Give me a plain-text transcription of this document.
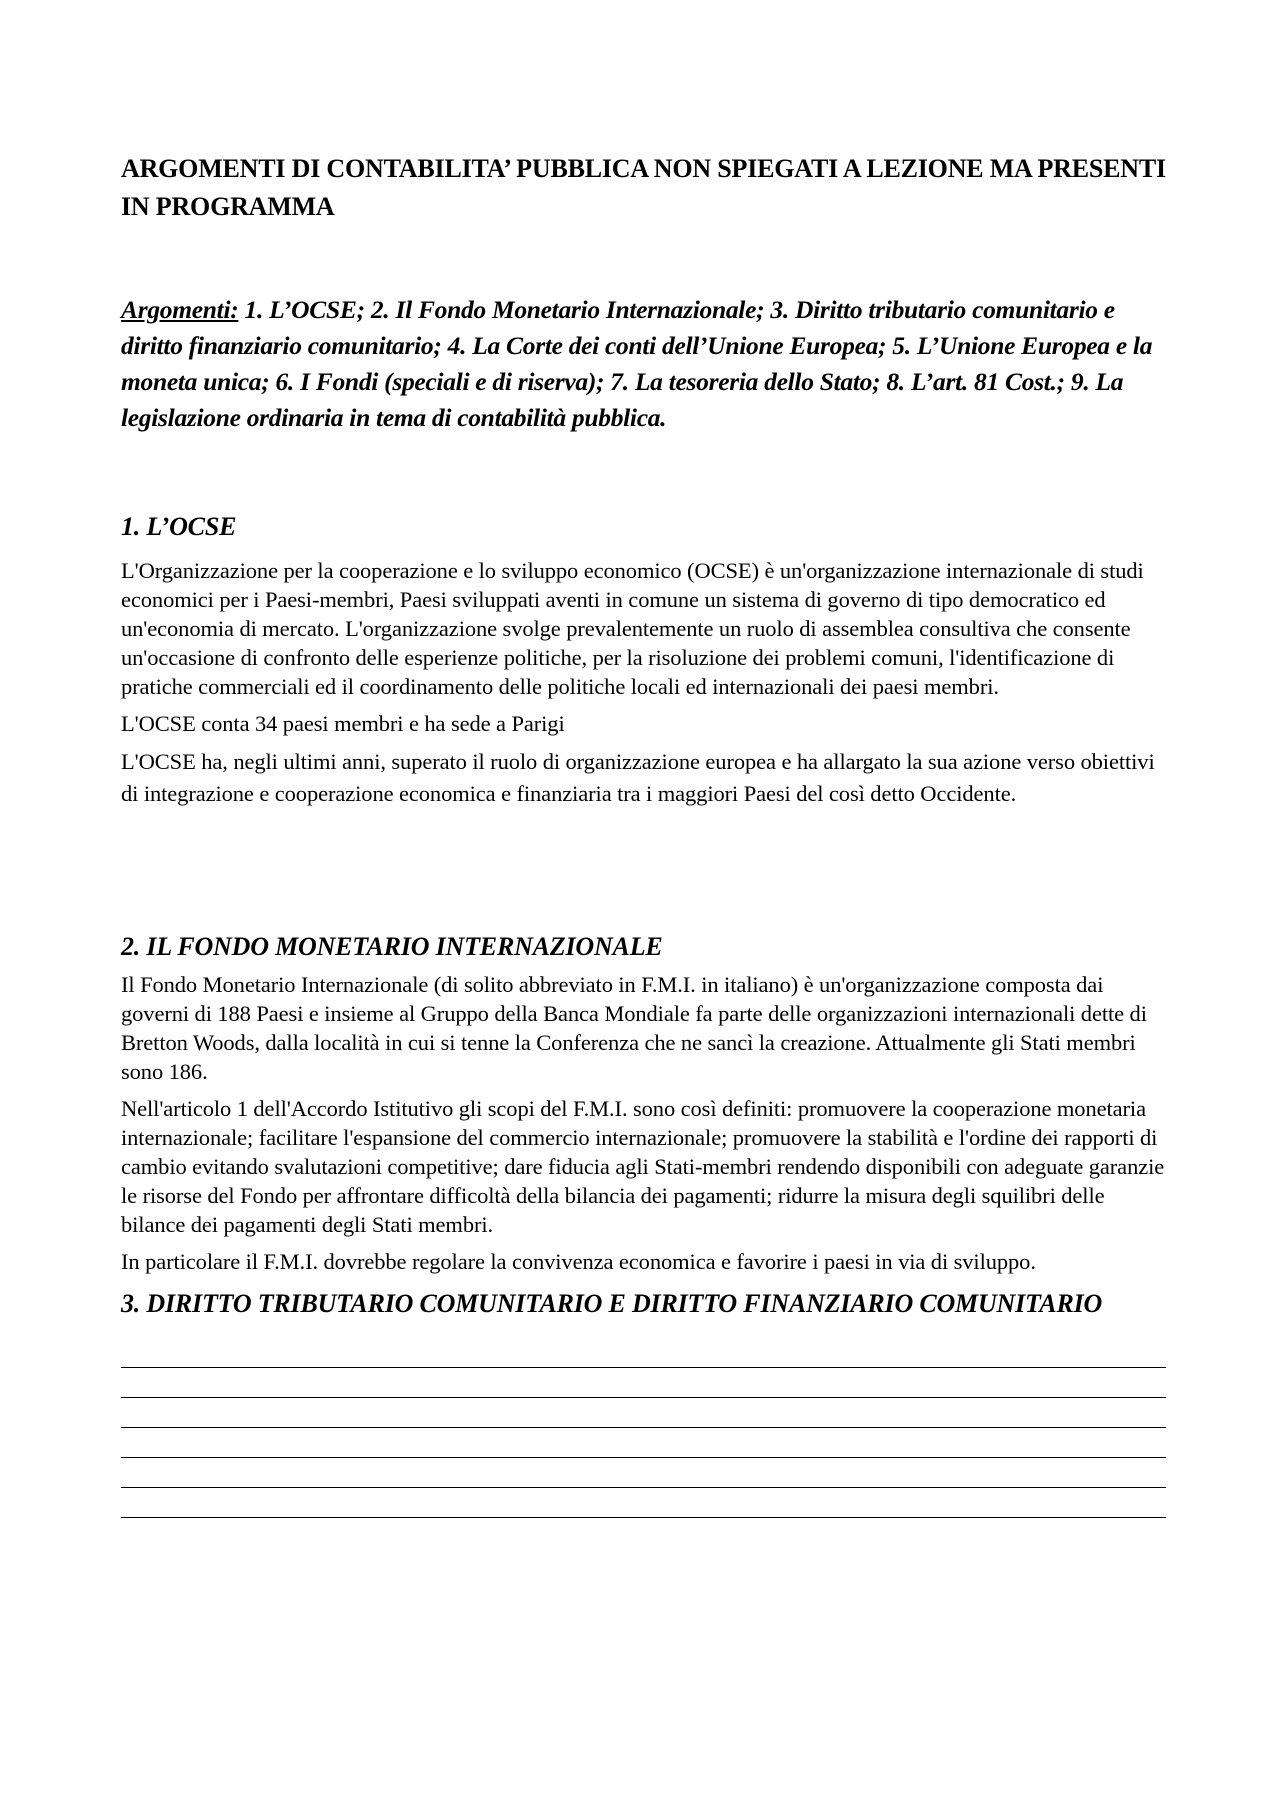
ARGOMENTI DI CONTABILITA’ PUBBLICA NON SPIEGATI A LEZIONE MA PRESENTI IN PROGRAMMA

Argomenti: 1. L’OCSE; 2. Il Fondo Monetario Internazionale; 3. Diritto tributario comunitario e diritto finanziario comunitario; 4. La Corte dei conti dell’Unione Europea; 5. L’Unione Europea e la moneta unica; 6. I Fondi (speciali e di riserva); 7. La tesoreria dello Stato; 8. L’art. 81 Cost.; 9. La legislazione ordinaria in tema di contabilità pubblica.

1. L’OCSE

L'Organizzazione per la cooperazione e lo sviluppo economico (OCSE) è un'organizzazione internazionale di studi economici per i Paesi-membri, Paesi sviluppati aventi in comune un sistema di governo di tipo democratico ed un'economia di mercato. L'organizzazione svolge prevalentemente un ruolo di assemblea consultiva che consente un'occasione di confronto delle esperienze politiche, per la risoluzione dei problemi comuni, l'identificazione di pratiche commerciali ed il coordinamento delle politiche locali ed internazionali dei paesi membri.

L'OCSE conta 34 paesi membri e ha sede a Parigi

L'OCSE ha, negli ultimi anni, superato il ruolo di organizzazione europea e ha allargato la sua azione verso obiettivi di integrazione e cooperazione economica e finanziaria tra i maggiori Paesi del così detto Occidente.

2. IL FONDO MONETARIO INTERNAZIONALE

Il Fondo Monetario Internazionale (di solito abbreviato in F.M.I. in italiano) è un'organizzazione composta dai governi di 188 Paesi e insieme al Gruppo della Banca Mondiale fa parte delle organizzazioni internazionali dette di Bretton Woods, dalla località in cui si tenne la Conferenza che ne sancì la creazione. Attualmente gli Stati membri sono 186.

Nell'articolo 1 dell'Accordo Istitutivo gli scopi del F.M.I. sono così definiti: promuovere la cooperazione monetaria internazionale; facilitare l'espansione del commercio internazionale; promuovere la stabilità e l'ordine dei rapporti di cambio evitando svalutazioni competitive; dare fiducia agli Stati-membri rendendo disponibili con adeguate garanzie le risorse del Fondo per affrontare difficoltà della bilancia dei pagamenti; ridurre la misura degli squilibri delle bilance dei pagamenti degli Stati membri.

In particolare il F.M.I. dovrebbe regolare la convivenza economica e favorire i paesi in via di sviluppo.

3. DIRITTO TRIBUTARIO COMUNITARIO E DIRITTO FINANZIARIO COMUNITARIO
